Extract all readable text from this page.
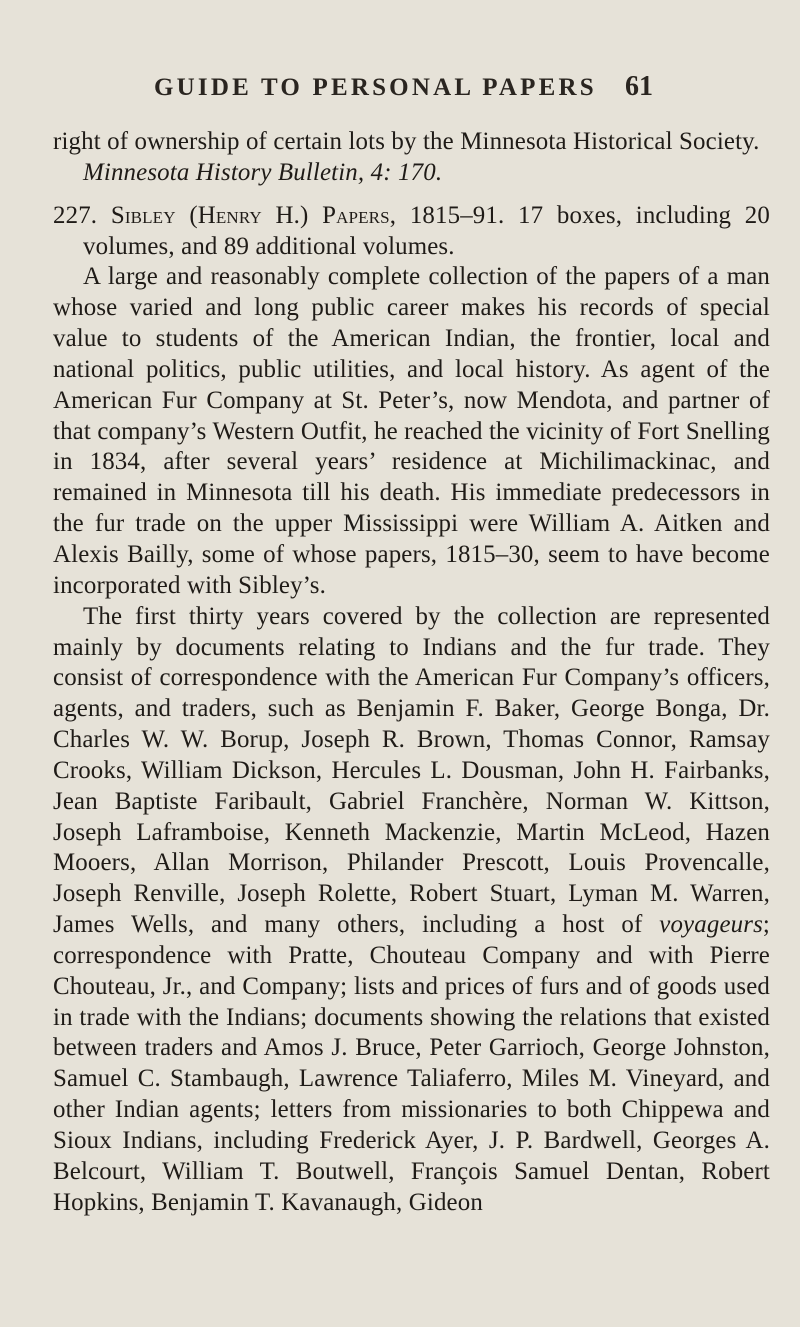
GUIDE TO PERSONAL PAPERS	61

right of ownership of certain lots by the Minnesota Historical Society.

Minnesota History Bulletin, 4: 170.

227. Sibley (Henry H.) Papers, 1815–91. 17 boxes, including 20 volumes, and 89 additional volumes.

A large and reasonably complete collection of the papers of a man whose varied and long public career makes his records of special value to students of the American Indian, the frontier, local and national politics, public utilities, and local history. As agent of the American Fur Company at St. Peter’s, now Mendota, and partner of that company’s Western Outfit, he reached the vicinity of Fort Snelling in 1834, after several years’ residence at Michilimackinac, and remained in Minnesota till his death. His immediate predecessors in the fur trade on the upper Mississippi were William A. Aitken and Alexis Bailly, some of whose papers, 1815–30, seem to have become incorporated with Sibley’s.

The first thirty years covered by the collection are represented mainly by documents relating to Indians and the fur trade. They consist of correspondence with the American Fur Company’s officers, agents, and traders, such as Benjamin F. Baker, George Bonga, Dr. Charles W. W. Borup, Joseph R. Brown, Thomas Connor, Ramsay Crooks, William Dickson, Hercules L. Dousman, John H. Fairbanks, Jean Baptiste Faribault, Gabriel Franchère, Norman W. Kittson, Joseph Laframboise, Kenneth Mackenzie, Martin McLeod, Hazen Mooers, Allan Morrison, Philander Prescott, Louis Provencalle, Joseph Renville, Joseph Rolette, Robert Stuart, Lyman M. Warren, James Wells, and many others, including a host of voyageurs; correspondence with Pratte, Chouteau Company and with Pierre Chouteau, Jr., and Company; lists and prices of furs and of goods used in trade with the Indians; documents showing the relations that existed between traders and Amos J. Bruce, Peter Garrioch, George Johnston, Samuel C. Stambaugh, Lawrence Taliaferro, Miles M. Vineyard, and other Indian agents; letters from missionaries to both Chippewa and Sioux Indians, including Frederick Ayer, J. P. Bardwell, Georges A. Belcourt, William T. Boutwell, François Samuel Dentan, Robert Hopkins, Benjamin T. Kavanaugh, Gideon
